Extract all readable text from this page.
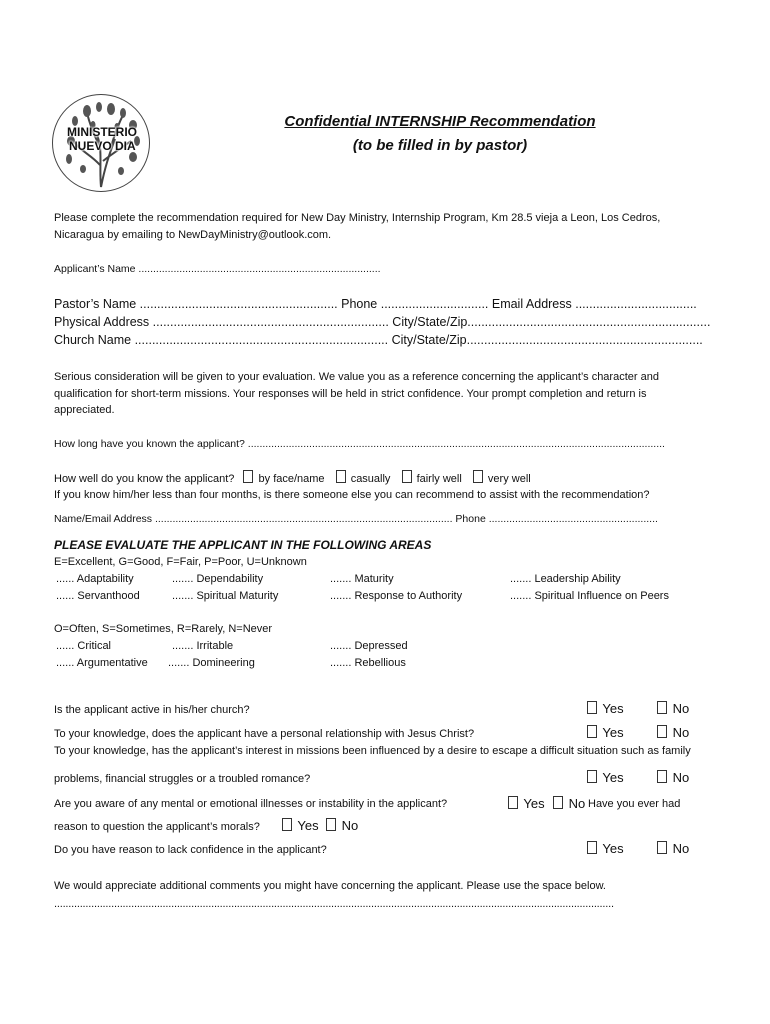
MINISTERIO
NUEVO DIA
Confidential INTERNSHIP Recommendation
(to be filled in by pastor)
Please complete the recommendation required for New Day Ministry, Internship Program, Km 28.5 vieja a Leon, Los Cedros, Nicaragua by emailing to NewDayMinistry@outlook.com.
Applicant’s Name ...................................................................................
Pastor’s Name ......................................................... Phone ............................... Email Address ...................................
Physical Address .................................................................... City/State/Zip......................................................................
Church Name ......................................................................... City/State/Zip....................................................................
Serious consideration will be given to your evaluation. We value you as a reference concerning the applicant’s character and qualification for short-term missions. Your responses will be held in strict confidence. Your prompt completion and return is appreciated.
How long have you known the applicant? ...............................................................................................................................................
How well do you know the applicant? by face/name casually fairly well very well
If you know him/her less than four months, is there someone else you can recommend to assist with the recommendation?
Name/Email Address ...................................................................................................... Phone ..........................................................
PLEASE EVALUATE THE APPLICANT IN THE FOLLOWING AREAS
E=Excellent, G=Good, F=Fair, P=Poor, U=Unknown
...... Adaptability	....... Dependability	....... Maturity	....... Leadership Ability
...... Servanthood	....... Spiritual Maturity	....... Response to Authority	....... Spiritual Influence on Peers
O=Often, S=Sometimes, R=Rarely, N=Never
...... Critical	....... Irritable	....... Depressed
...... Argumentative ....... Domineering	....... Rebellious
Is the applicant active in his/her church?	Yes	No
To your knowledge, does the applicant have a personal relationship with Jesus Christ?	Yes	No
To your knowledge, has the applicant’s interest in missions been influenced by a desire to escape a difficult situation such as family
problems, financial struggles or a troubled romance?	Yes	No
Are you aware of any mental or emotional illnesses or instability in the applicant?	Yes	No Have you ever had
reason to question the applicant’s morals?	Yes	No
Do you have reason to lack confidence in the applicant?	Yes	No
We would appreciate additional comments you might have concerning the applicant. Please use the space below.
....................................................................................................................................................................................................
